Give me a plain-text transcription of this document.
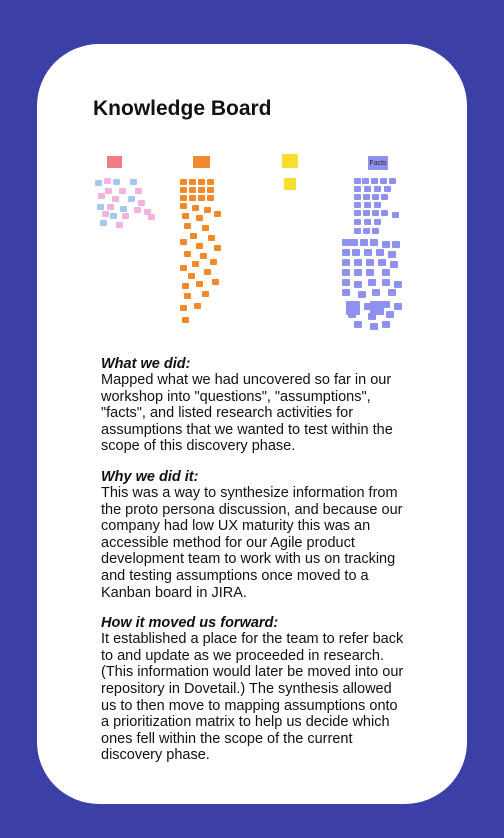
Knowledge Board
Facts

What we did:

Mapped what we had uncovered so far in our workshop into "questions", "assumptions", "facts", and listed research activities for assumptions that we wanted to test within the scope of this discovery phase.

Why we did it:

This was a way to synthesize information from the proto persona discussion, and because our company had low UX maturity this was an accessible method for our Agile product development team to work with us on tracking and testing assumptions once moved to a Kanban board in JIRA.

How it moved us forward:

It established a place for the team to refer back to and update as we proceeded in research. (This information would later be moved into our repository in Dovetail.) The synthesis allowed us to then move to mapping assumptions onto a prioritization matrix to help us decide which ones fell within the scope of the current discovery phase.
